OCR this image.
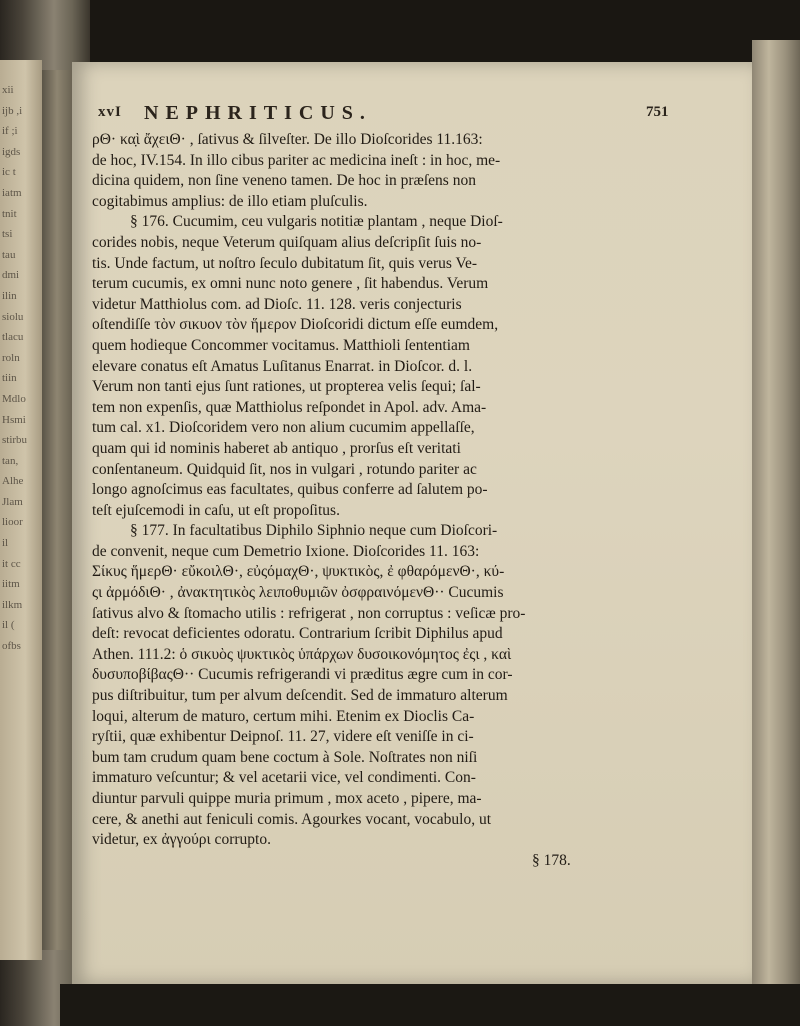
xii
ijb ,i
if ;i
igds
ic t
iatm
tnit
tsi
tau
dmi
ilin
siolu
tlacu
roln
tiin
Mdlo
Hsmi
stirbu
tan,
Alhe
Jlam
lioor
il
it cc
iitm
ilkm
il (
ofbs
xvI NEPHRITICUS.	751
ρΘ· κα̣ὶ ἄχειΘ· , ſativus & ſilveſter. De illo Dioſcorides 11.163:
de hoc, IV.154. In illo cibus pariter ac medicina ineſt : in hoc, me-
dicina quidem, non ſine veneno tamen. De hoc in præſens non
cogitabimus amplius: de illo etiam pluſculis.
§ 176. Cucumim, ceu vulgaris notitiæ plantam , neque Dioſ-
corides nobis, neque Veterum quiſquam alius deſcripſit ſuis no-
tis. Unde factum, ut noſtro ſeculo dubitatum ſit, quis verus Ve-
terum cucumis, ex omni nunc noto genere , ſit habendus. Verum
videtur Matthiolus com. ad Dioſc. 11. 128. veris conjecturis
oſtendiſſe τὸν σικυον τὸν ἥμερον Dioſcoridi dictum eſſe eumdem,
quem hodieque Concommer vocitamus. Matthioli ſententiam
elevare conatus eſt Amatus Luſitanus Enarrat. in Dioſcor. d. l.
Verum non tanti ejus ſunt rationes, ut propterea velis ſequi; ſal-
tem non expenſis, quæ Matthiolus reſpondet in Apol. adv. Ama-
tum cal. x1. Dioſcoridem vero non alium cucumim appellaſſe,
quam qui id nominis haberet ab antiquo , prorſus eſt veritati
conſentaneum. Quidquid ſit, nos in vulgari , rotundo pariter ac
longo agnoſcimus eas facultates, quibus conferre ad ſalutem po-
teſt ejuſcemodi in caſu, ut eſt propoſitus.
§ 177. In facultatibus Diphilo Siphnio neque cum Dioſcori-
de convenit, neque cum Demetrio Ixione. Dioſcorides 11. 163:
Σίκυς ἥμερΘ· εὔκοιλΘ·, εὐςόμαχΘ·, ψυκτικὸς, ἐ φθαρόμενΘ·, κύ-
ςι ἀρμόδιΘ· , ἀνακτητικὸς λειποθυμιῶν ὀσφραινόμενΘ·· Cucumis
ſativus alvo & ſtomacho utilis : refrigerat , non corruptus : veſicæ pro-
deſt: revocat deficientes odoratu. Contrarium ſcribit Diphilus apud
Athen. 111.2: ὁ σικυὸς ψυκτικὸς ὑπάρχων δυσοικονόμητος ἐςι , καὶ
δυσυποβίβαςΘ·· Cucumis refrigerandi vi præditus ægre cum in cor-
pus diſtribuitur, tum per alvum deſcendit. Sed de immaturo alterum
loqui, alterum de maturo, certum mihi. Etenim ex Dioclis Ca-
ryſtii, quæ exhibentur Deipnoſ. 11. 27, videre eſt veniſſe in ci-
bum tam crudum quam bene coctum à Sole. Noſtrates non niſi
immaturo veſcuntur; & vel acetarii vice, vel condimenti. Con-
diuntur parvuli quippe muria primum , mox aceto , pipere, ma-
cere, & anethi aut feniculi comis. Agourkes vocant, vocabulo, ut
videtur, ex ἀγγούρι corrupto.
§ 178.
